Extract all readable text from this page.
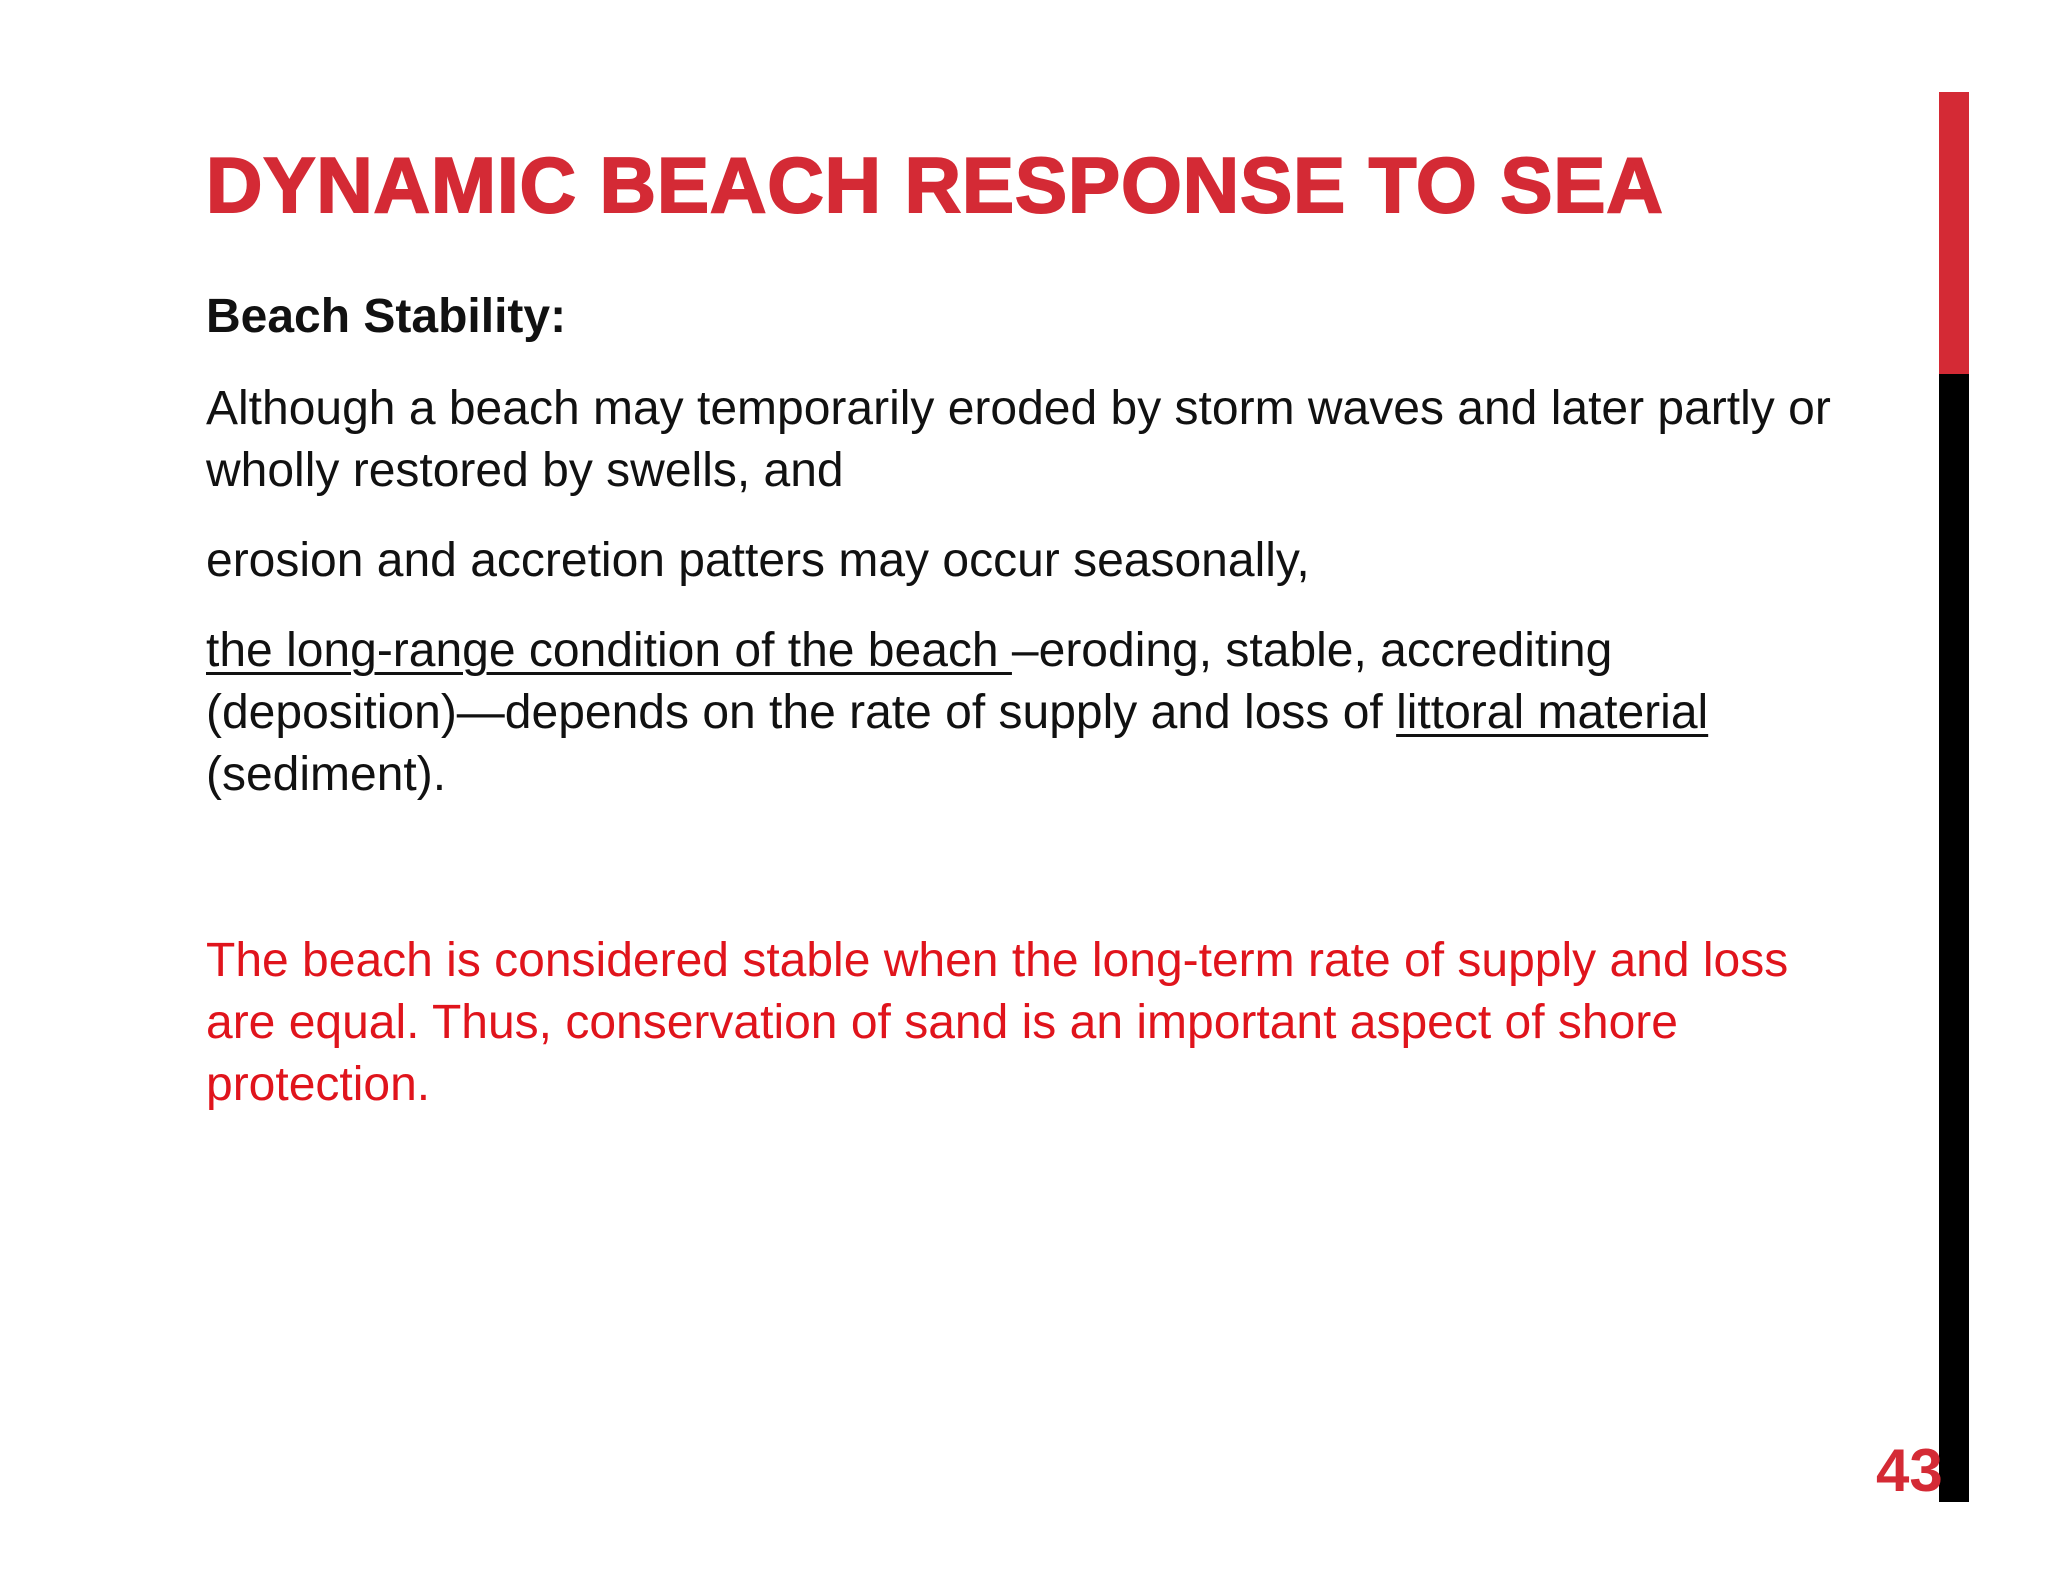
DYNAMIC BEACH RESPONSE TO SEA

Beach Stability:

Although a beach may temporarily eroded by storm waves and later partly or wholly restored by swells, and

erosion and accretion patters may occur seasonally,

the long-range condition of the beach –eroding, stable, accrediting (deposition)—depends on the rate of supply and loss of littoral material (sediment).

The beach is considered stable when the long-term rate of supply and loss are equal. Thus, conservation of sand is an important aspect of shore protection.

43
